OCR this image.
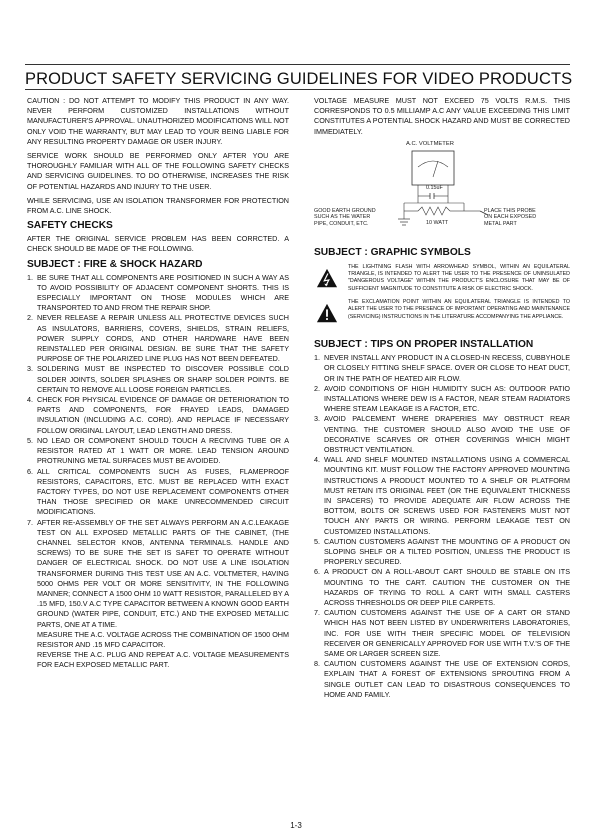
PRODUCT SAFETY SERVICING GUIDELINES FOR VIDEO PRODUCTS

CAUTION : DO NOT ATTEMPT TO MODIFY THIS PRODUCT IN ANY WAY. NEVER PERFORM CUSTOMIZED INSTALLATIONS WITHOUT MANUFACTURER'S APPROVAL. UNAUTHORIZED MODIFICATIONS WILL NOT ONLY VOID THE WARRANTY, BUT MAY LEAD TO YOUR BEING LIABLE FOR ANY RESULTING PROPERTY DAMAGE OR USER INJURY.

SERVICE WORK SHOULD BE PERFORMED ONLY AFTER YOU ARE THOROUGHLY FAMILIAR WITH ALL OF THE FOLLOWING SAFETY CHECKS AND SERVICING GUIDELINES. TO DO OTHERWISE, INCREASES THE RISK OF POTENTIAL HAZARDS AND INJURY TO THE USER.

WHILE SERVICING, USE AN ISOLATION TRANSFORMER FOR PROTECTION FROM A.C. LINE SHOCK.

SAFETY CHECKS

AFTER THE ORIGINAL SERVICE PROBLEM HAS BEEN CORRCTED. A CHECK SHOULD BE MADE OF THE FOLLOWING.

SUBJECT : FIRE & SHOCK HAZARD
1. BE SURE THAT ALL COMPONENTS ARE POSITIONED IN SUCH A WAY AS TO AVOID POSSIBILITY OF ADJACENT COMPONENT SHORTS. THIS IS ESPECIALLY IMPORTANT ON THOSE MODULES WHICH ARE TRANSPORTED TO AND FROM THE REPAIR SHOP.
2. NEVER RELEASE A REPAIR UNLESS ALL PROTECTIVE DEVICES SUCH AS INSULATORS, BARRIERS, COVERS, SHIELDS, STRAIN RELIEFS, POWER SUPPLY CORDS, AND OTHER HARDWARE HAVE BEEN REINSTALLED PER ORIGINAL DESIGN. BE SURE THAT THE SAFETY PURPOSE OF THE POLARIZED LINE PLUG HAS NOT BEEN DEFEATED.
3. SOLDERING MUST BE INSPECTED TO DISCOVER POSSIBLE COLD SOLDER JOINTS, SOLDER SPLASHES OR SHARP SOLDER POINTS. BE CERTAIN TO REMOVE ALL LOOSE FOREIGN PARTICLES.
4. CHECK FOR PHYSICAL EVIDENCE OF DAMAGE OR DETERIORATION TO PARTS AND COMPONENTS, FOR FRAYED LEADS, DAMAGED INSULATION (INCLUDING A.C. CORD). AND REPLACE IF NECESSARY FOLLOW ORIGINAL LAYOUT, LEAD LENGTH AND DRESS.
5. NO LEAD OR COMPONENT SHOULD TOUCH A RECIVING TUBE OR A RESISTOR RATED AT 1 WATT OR MORE. LEAD TENSION AROUND PROTRUNING METAL SURFACES MUST BE AVOIDED.
6. ALL CRITICAL COMPONENTS SUCH AS FUSES, FLAMEPROOF RESISTORS, CAPACITORS, ETC. MUST BE REPLACED WITH EXACT FACTORY TYPES, DO NOT USE REPLACEMENT COMPONENTS OTHER THAN THOSE SPECIFIED OR MAKE UNRECOMMENDED CIRCUIT MODIFICATIONS.
7. AFTER RE-ASSEMBLY OF THE SET ALWAYS PERFORM AN A.C.LEAKAGE TEST ON ALL EXPOSED METALLIC PARTS OF THE CABINET, (THE CHANNEL SELECTOR KNOB, ANTENNA TERMINALS. HANDLE AND SCREWS) TO BE SURE THE SET IS SAFET TO OPERATE WITHOUT DANGER OF ELECTRICAL SHOCK. DO NOT USE A LINE ISOLATION TRANSFORMER DURING THIS TEST USE AN A.C. VOLTMETER, HAVING 5000 OHMS PER VOLT OR MORE SENSITIVITY, IN THE FOLLOWING MANNER; CONNECT A 1500 OHM 10 WATT RESISTOR, PARALLELED BY A .15 MFD, 150.V A.C TYPE CAPACITOR BETWEEN A KNOWN GOOD EARTH GROUND (WATER PIPE, CONDUIT, ETC.) AND THE EXPOSED METALLIC PARTS, ONE AT A TIME.
MEASURE THE A.C. VOLTAGE ACROSS THE COMBINATION OF 1500 OHM RESISTOR AND .15 MFD CAPACITOR.
REVERSE THE A.C. PLUG AND REPEAT A.C. VOLTAGE MEASUREMENTS FOR EACH EXPOSED METALLIC PART.

VOLTAGE MEASURE MUST NOT EXCEED 75 VOLTS R.M.S. THIS CORRESPONDS TO 0.5 MILLIAMP A.C ANY VALUE EXCEEDING THIS LIMIT CONSTITUTES A POTENTIAL SHOCK HAZARD AND MUST BE CORRECTED IMMEDIATELY.

A.C. VOLTMETER
0.15uF
10 WATT
GOOD EARTH GROUND
SUCH AS THE WATER
PIPE, CONDUIT, ETC.
PLACE THIS PROBE
ON EACH EXPOSED
METAL PART
SUBJECT : GRAPHIC SYMBOLS
THE LIGHTNING FLASH WITH ARROWHEAD SYMBOL, WITHIN AN EQUILATERAL TRIANGLE, IS INTENDED TO ALERT THE USER TO THE PRESENCE OF UNINSULATED "DANGEROUS VOLTAGE" WITHIN THE PRODUCT'S ENCLOSURE THAT MAY BE OF SUFFICIENT MAGNITUDE TO CONSTITUTE A RISK OF ELECTRIC SHOCK.
THE EXCLAMATION POINT WITHIN AN EQUILATERAL TRIANGLE IS INTENDED TO ALERT THE USER TO THE PRESENCE OF IMPORTANT OPERATING AND MAINTENANCE (SERVICING) INSTRUCTIONS IN THE LITERATURE ACCOMPANYING THE APPLIANCE.
SUBJECT : TIPS ON PROPER INSTALLATION
1. NEVER INSTALL ANY PRODUCT IN A CLOSED-IN RECESS, CUBBYHOLE OR CLOSELY FITTING SHELF SPACE. OVER OR CLOSE TO HEAT DUCT, OR IN THE PATH OF HEATED AIR FLOW.
2. AVOID CONDITIONS OF HIGH HUMIDITY SUCH AS: OUTDOOR PATIO INSTALLATIONS WHERE DEW IS A FACTOR, NEAR STEAM RADIATORS WHERE STEAM LEAKAGE IS A FACTOR, ETC.
3. AVOID PALCEMENT WHERE DRAPERIES MAY OBSTRUCT REAR VENTING. THE CUSTOMER SHOULD ALSO AVOID THE USE OF DECORATIVE SCARVES OR OTHER COVERINGS WHICH MIGHT OBSTRUCT VENTILATION.
4. WALL AND SHELF MOUNTED INSTALLATIONS USING A COMMERCAL MOUNTING KIT. MUST FOLLOW THE FACTORY APPROVED MOUNTING INSTRUCTIONS A PRODUCT MOUNTED TO A SHELF OR PLATFORM MUST RETAIN ITS ORIGINAL FEET (OR THE EQUIVALENT THICKNESS IN SPACERS) TO PROVIDE ADEQUATE AIR FLOW ACROSS THE BOTTOM, BOLTS OR SCREWS USED FOR FASTENERS MUST NOT TOUCH ANY PARTS OR WIRING. PERFORM LEAKAGE TEST ON CUSTOMIZED INSTALLATIONS.
5. CAUTION CUSTOMERS AGAINST THE MOUNTING OF A PRODUCT ON SLOPING SHELF OR A TILTED POSITION, UNLESS THE PRODUCT IS PROPERLY SECURED.
6. A PRODUCT ON A ROLL-ABOUT CART SHOULD BE STABLE ON ITS MOUNTING TO THE CART. CAUTION THE CUSTOMER ON THE HAZARDS OF TRYING TO ROLL A CART WITH SMALL CASTERS ACROSS THRESHOLDS OR DEEP PILE CARPETS.
7. CAUTION CUSTOMERS AGAINST THE USE OF A CART OR STAND WHICH HAS NOT BEEN LISTED BY UNDERWRITERS LABORATORIES, INC. FOR USE WITH THEIR SPECIFIC MODEL OF TELEVISION RECEIVER OR GENERICALLY APPROVED FOR USE WITH T.V.'S OF THE SAME OR LARGER SCREEN SIZE.
8. CAUTION CUSTOMERS AGAINST THE USE OF EXTENSION CORDS, EXPLAIN THAT A FOREST OF EXTENSIONS SPROUTING FROM A SINGLE OUTLET CAN LEAD TO DISASTROUS CONSEQUENCES TO HOME AND FAMILY.
1-3
